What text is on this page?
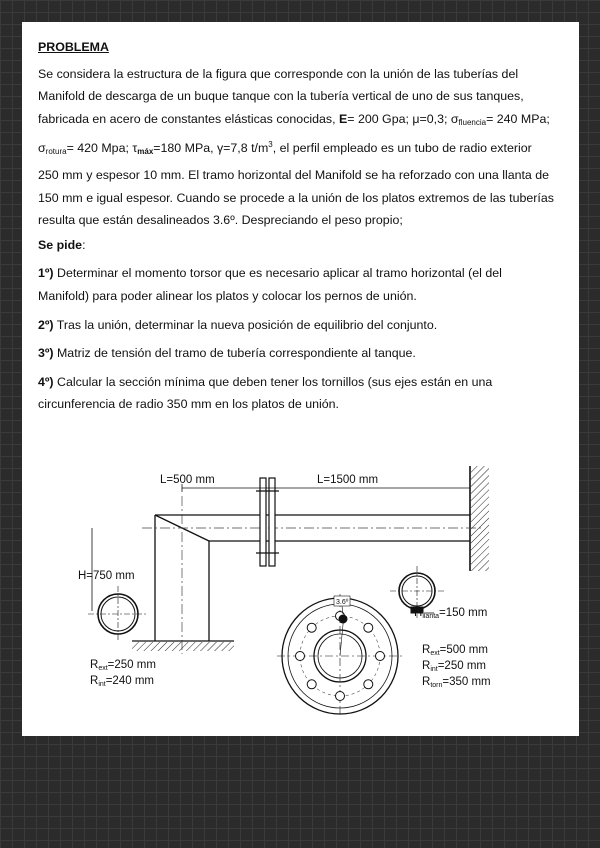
PROBLEMA

Se considera la estructura de la figura que corresponde con la unión de las tuberías del

Manifold de descarga de un buque tanque con la tubería vertical de uno de sus tanques,

fabricada en acero de constantes elásticas conocidas, E= 200 Gpa; μ=0,3; $\sigma_{fluencia}= 240$ MPa;

$\sigma_{rotura}= 420$ Mpa; $\tau_{máx}=180$ MPa, γ=7,8 $t/m^3$, el perfil empleado es un tubo de radio exterior

250 mm y espesor 10 mm. El tramo horizontal del Manifold se ha reforzado con una llanta de

150 mm e igual espesor. Cuando se procede a la unión de los platos extremos de las tuberías

resulta que están desalineados 3.6º. Despreciando el peso propio;

Se pide:

1º) Determinar el momento torsor que es necesario aplicar al tramo horizontal (el del

Manifold) para poder alinear los platos y colocar los pernos de unión.

2º) Tras la unión, determinar la nueva posición de equilibrio del conjunto.

3º) Matriz de tensión del tramo de tubería correspondiente al tanque.

4º) Calcular la sección mínima que deben tener los tornillos (sus ejes están en una

circunferencia de radio 350 mm en los platos de unión.

L=500 mm	L=1500 mm
H=750 mm
Hllanta=150 mm
3.6º
Rext=250 mm
Rint=240 mm
Rext=500 mm
Rint=250 mm
Rtorn=350 mm
